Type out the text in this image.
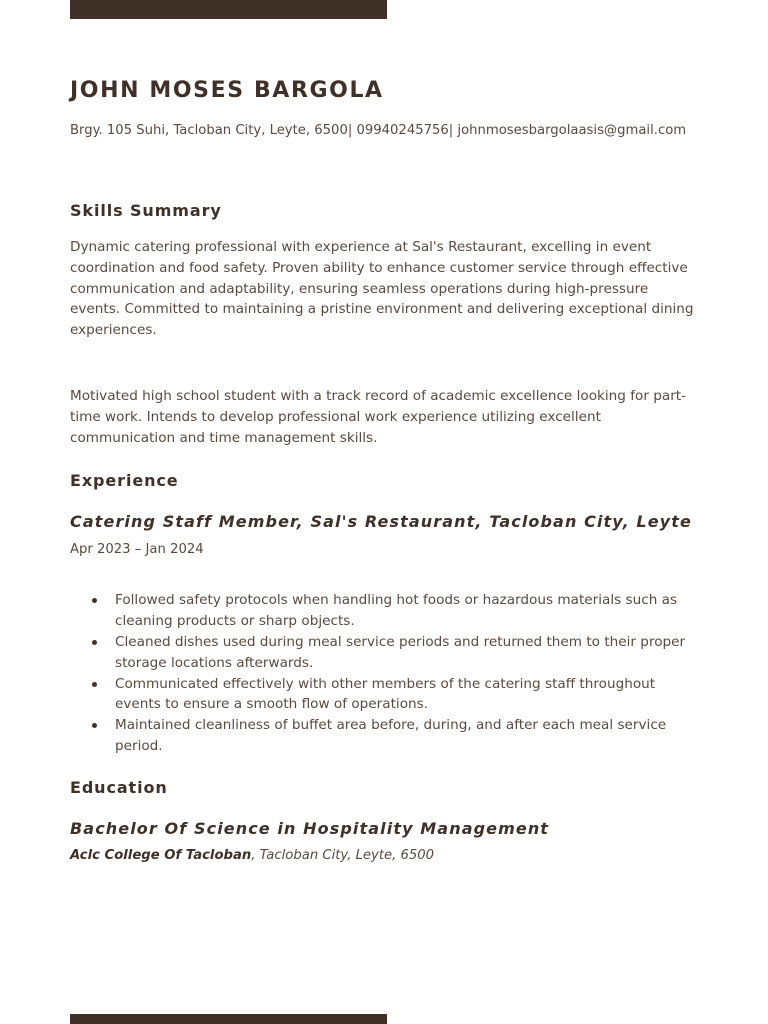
JOHN MOSES BARGOLA
Brgy. 105 Suhi, Tacloban City, Leyte, 6500| 09940245756| johnmosesbargolaasis@gmail.com
Skills Summary

Dynamic catering professional with experience at Sal's Restaurant, excelling in event coordination and food safety. Proven ability to enhance customer service through effective communication and adaptability, ensuring seamless operations during high-pressure events. Committed to maintaining a pristine environment and delivering exceptional dining experiences.

Motivated high school student with a track record of academic excellence looking for part-time work. Intends to develop professional work experience utilizing excellent communication and time management skills.

Experience
Catering Staff Member, Sal's Restaurant, Tacloban City, Leyte
Apr 2023 – Jan 2024
Followed safety protocols when handling hot foods or hazardous materials such as cleaning products or sharp objects.
Cleaned dishes used during meal service periods and returned them to their proper storage locations afterwards.
Communicated effectively with other members of the catering staff throughout events to ensure a smooth flow of operations.
Maintained cleanliness of buffet area before, during, and after each meal service period.
Education
Bachelor Of Science in Hospitality Management
Aclc College Of Tacloban, Tacloban City, Leyte, 6500
